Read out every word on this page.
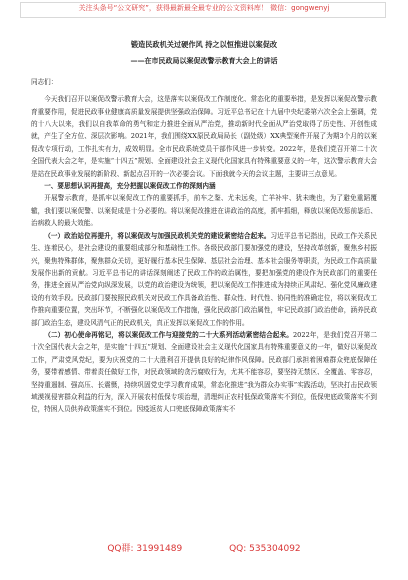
关注头条号“公文研究”，获得最新最全最专业的公文资料库！ 微信：gongwenyj
锻造民政机关过硬作风 持之以恒推进以案促改
——在市民政局以案促改警示教育大会上的讲话
同志们：

今天我们召开以案促改警示教育大会，这是落实以案促改工作制度化、常态化的重要举措，是发挥以案促改警示教育重要作用，促进民政事业健康高质量发展提供坚强政治保障。习近平总书记在十九届中央纪委第六次全会上强调，党的十八大以来，我们以自我革命的勇气和定力推进全面从严治党，推动新时代全面从严治党取得了历史性、开创性成就，产生了全方位、深层次影响。2021年，我们围绕XX原民政局局长（副处级）XX典型案件开展了为期3个月的以案促改专项行动，工作扎实有力，成效明显。全市民政系统党员干部作风进一步转变。2022年，是我们党召开第二十次全国代表大会之年，是实施“十四五”规划、全面建设社会主义现代化国家具有特殊重要意义的一年，这次警示教育大会是站在民政事业发展的新阶段、新起点召开的一次必要会议。下面我就今天的会议主题，主要讲三点意见。

一、要思想认识再提高，充分把握以案促改工作的深刻内涵

开展警示教育，是抓牢以案促改工作的重要抓手，前车之鉴、尤未远矣，亡羊补牢、犹未晚也，为了避免重蹈覆辙，我们要以案促警、以案促成是十分必要的。将以案促改推进在讲政治的高度，抓牢抓细，释放以案促改惩前毖后、治病救人的最大效能。

（一）政治站位再提升，将以案促改与加强民政机关党的建设紧密结合起来。习近平总书记指出，民政工作关系民生、连着民心，是社会建设的重要组成部分和基础性工作。各级民政部门要加强党的建设，坚持改革创新，聚焦乡村振兴，聚焦特殊群体，聚焦群众关切，更好履行基本民生保障、基层社会治理、基本社会服务等职责，为民政工作高质量发展作出新的贡献。习近平总书记的讲话深刻阐述了民政工作的政治属性，要把加强党的建设作为民政部门的重要任务，推进全面从严治党向纵深发展，以党的政治建设为统领，把以案促改工作推进成为持续正风肃纪、强化党风廉政建设的有效手段。民政部门要按照民政机关对民政工作具备政治性、群众性、时代性、协同性的准确定位，将以案促改工作推向重要位置，突出环节，不断强化以案促改工作措施，强化民政部门政治属性，牢记民政部门政治使命，涵养民政部门政治生态，建设风清气正的民政机关，真正发挥以案促改工作的作用。

（二）初心使命再铭记，将以案促改工作与迎接党的二十大系列活动紧密结合起来。2022年，是我们党召开第二十次全国代表大会之年，是实施“十四五”规划、全面建设社会主义现代化国家具有特殊重要意义的一年，做好以案促改工作，严肃党风党纪，要为庆祝党的二十大胜利召开提供良好的纪律作风保障。民政部门承担着困难群众兜底保障任务，要带着感情、带着责任做好工作，对民政领域的贪污腐败行为，尤其不能容忍，要坚持无禁区、全覆盖、零容忍，坚持重遏制、强高压、长震慑，持续巩固党史学习教育成果，常态化推进“我为群众办实事”实践活动，坚决打击民政领域漠视侵害群众利益的行为，深入开展农村低保专项治理，清理纠正农村低保政策落实不到位，低保兜底政策落实不到位，特困人员供养政策落实不到位。因疫返贫人口兜底保障政策落实不

QQ群: 31991489	QQ: 535304092
